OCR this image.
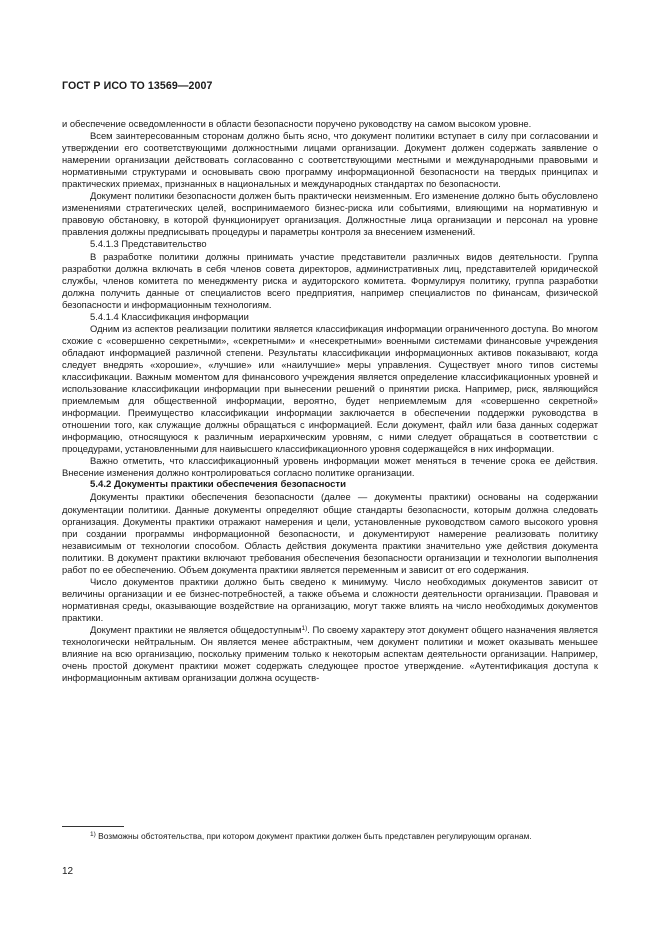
ГОСТ Р ИСО ТО 13569—2007

и обеспечение осведомленности в области безопасности поручено руководству на самом высоком уровне.

Всем заинтересованным сторонам должно быть ясно, что документ политики вступает в силу при согласовании и утверждении его соответствующими должностными лицами организации. Документ должен содержать заявление о намерении организации действовать согласованно с соответствующими местными и международными правовыми и нормативными структурами и основывать свою программу информационной безопасности на твердых принципах и практических приемах, признанных в национальных и международных стандартах по безопасности.

Документ политики безопасности должен быть практически неизменным. Его изменение должно быть обусловлено изменениями стратегических целей, воспринимаемого бизнес-риска или событиями, влияющими на нормативную и правовую обстановку, в которой функционирует организация. Должностные лица организации и персонал на уровне правления должны предписывать процедуры и параметры контроля за внесением изменений.

5.4.1.3 Представительство

В разработке политики должны принимать участие представители различных видов деятельности. Группа разработки должна включать в себя членов совета директоров, административных лиц, представителей юридической службы, членов комитета по менеджменту риска и аудиторского комитета. Формулируя политику, группа разработки должна получить данные от специалистов всего предприятия, например специалистов по финансам, физической безопасности и информационным технологиям.

5.4.1.4 Классификация информации

Одним из аспектов реализации политики является классификация информации ограниченного доступа. Во многом схожие с «совершенно секретными», «секретными» и «несекретными» военными системами финансовые учреждения обладают информацией различной степени. Результаты классификации информационных активов показывают, когда следует внедрять «хорошие», «лучшие» или «наилучшие» меры управления. Существует много типов системы классификации. Важным моментом для финансового учреждения является определение классификационных уровней и использование классификации информации при вынесении решений о принятии риска. Например, риск, являющийся приемлемым для общественной информации, вероятно, будет неприемлемым для «совершенно секретной» информации. Преимущество классификации информации заключается в обеспечении поддержки руководства в отношении того, как служащие должны обращаться с информацией. Если документ, файл или база данных содержат информацию, относящуюся к различным иерархическим уровням, с ними следует обращаться в соответствии с процедурами, установленными для наивысшего классификационного уровня содержащейся в них информации.

Важно отметить, что классификационный уровень информации может меняться в течение срока ее действия. Внесение изменения должно контролироваться согласно политике организации.

5.4.2 Документы практики обеспечения безопасности

Документы практики обеспечения безопасности (далее — документы практики) основаны на содержании документации политики. Данные документы определяют общие стандарты безопасности, которым должна следовать организация. Документы практики отражают намерения и цели, установленные руководством самого высокого уровня при создании программы информационной безопасности, и документируют намерение реализовать политику независимым от технологии способом. Область действия документа практики значительно уже действия документа политики. В документ практики включают требования обеспечения безопасности организации и технологии выполнения работ по ее обеспечению. Объем документа практики является переменным и зависит от его содержания.

Число документов практики должно быть сведено к минимуму. Число необходимых документов зависит от величины организации и ее бизнес-потребностей, а также объема и сложности деятельности организации. Правовая и нормативная среды, оказывающие воздействие на организацию, могут также влиять на число необходимых документов практики.

Документ практики не является общедоступным$^{1)}$. По своему характеру этот документ общего назначения является технологически нейтральным. Он является менее абстрактным, чем документ политики и может оказывать меньшее влияние на всю организацию, поскольку применим только к некоторым аспектам деятельности организации. Например, очень простой документ практики может содержать следующее простое утверждение. «Аутентификация доступа к информационным активам организации должна осуществ-

$^{1)}$ Возможны обстоятельства, при котором документ практики должен быть представлен регулирующим органам.

12
